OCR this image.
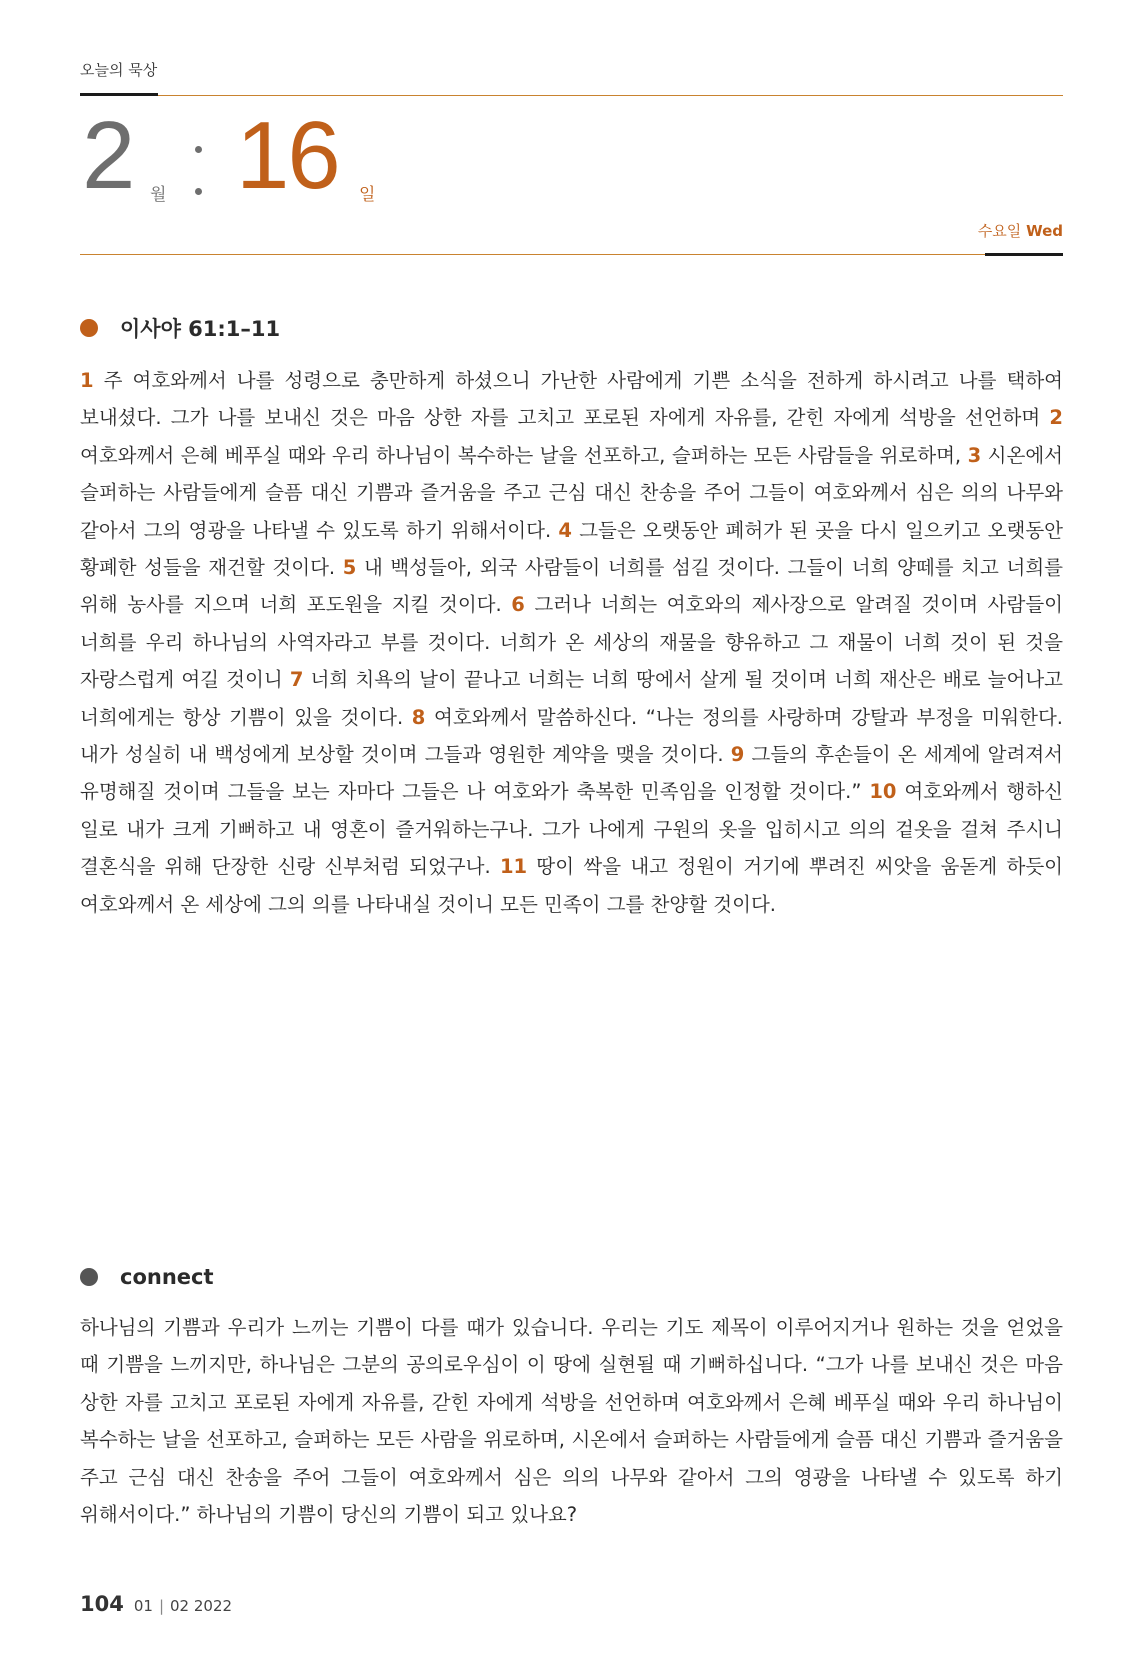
오늘의 묵상
2 월 16 일
수요일 Wed
이사야 61:1–11
1 주 여호와께서 나를 성령으로 충만하게 하셨으니 가난한 사람에게 기쁜 소식을 전하게 하시려고 나를 택하여 보내셨다. 그가 나를 보내신 것은 마음 상한 자를 고치고 포로된 자에게 자유를, 갇힌 자에게 석방을 선언하며 2 여호와께서 은혜 베푸실 때와 우리 하나님이 복수하는 날을 선포하고, 슬퍼하는 모든 사람들을 위로하며, 3 시온에서 슬퍼하는 사람들에게 슬픔 대신 기쁨과 즐거움을 주고 근심 대신 찬송을 주어 그들이 여호와께서 심은 의의 나무와 같아서 그의 영광을 나타낼 수 있도록 하기 위해서이다. 4 그들은 오랫동안 폐허가 된 곳을 다시 일으키고 오랫동안 황폐한 성들을 재건할 것이다. 5 내 백성들아, 외국 사람들이 너희를 섬길 것이다. 그들이 너희 양떼를 치고 너희를 위해 농사를 지으며 너희 포도원을 지킬 것이다. 6 그러나 너희는 여호와의 제사장으로 알려질 것이며 사람들이 너희를 우리 하나님의 사역자라고 부를 것이다. 너희가 온 세상의 재물을 향유하고 그 재물이 너희 것이 된 것을 자랑스럽게 여길 것이니 7 너희 치욕의 날이 끝나고 너희는 너희 땅에서 살게 될 것이며 너희 재산은 배로 늘어나고 너희에게는 항상 기쁨이 있을 것이다. 8 여호와께서 말씀하신다. “나는 정의를 사랑하며 강탈과 부정을 미워한다. 내가 성실히 내 백성에게 보상할 것이며 그들과 영원한 계약을 맺을 것이다. 9 그들의 후손들이 온 세계에 알려져서 유명해질 것이며 그들을 보는 자마다 그들은 나 여호와가 축복한 민족임을 인정할 것이다.” 10 여호와께서 행하신 일로 내가 크게 기뻐하고 내 영혼이 즐거워하는구나. 그가 나에게 구원의 옷을 입히시고 의의 겉옷을 걸쳐 주시니 결혼식을 위해 단장한 신랑 신부처럼 되었구나. 11 땅이 싹을 내고 정원이 거기에 뿌려진 씨앗을 움돋게 하듯이 여호와께서 온 세상에 그의 의를 나타내실 것이니 모든 민족이 그를 찬양할 것이다.
connect
하나님의 기쁨과 우리가 느끼는 기쁨이 다를 때가 있습니다. 우리는 기도 제목이 이루어지거나 원하는 것을 얻었을 때 기쁨을 느끼지만, 하나님은 그분의 공의로우심이 이 땅에 실현될 때 기뻐하십니다. “그가 나를 보내신 것은 마음 상한 자를 고치고 포로된 자에게 자유를, 갇힌 자에게 석방을 선언하며 여호와께서 은혜 베푸실 때와 우리 하나님이 복수하는 날을 선포하고, 슬퍼하는 모든 사람을 위로하며, 시온에서 슬퍼하는 사람들에게 슬픔 대신 기쁨과 즐거움을 주고 근심 대신 찬송을 주어 그들이 여호와께서 심은 의의 나무와 같아서 그의 영광을 나타낼 수 있도록 하기 위해서이다.” 하나님의 기쁨이 당신의 기쁨이 되고 있나요?
104 01 | 02 2022
